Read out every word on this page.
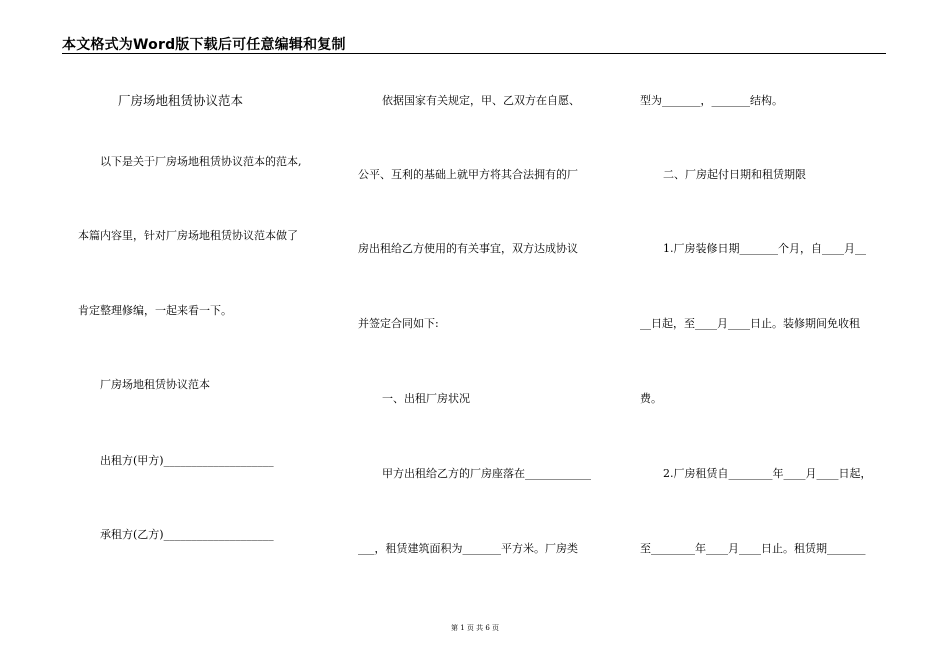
本文格式为Word版下载后可任意编辑和复制
厂房场地租赁协议范本
以下是关于厂房场地租赁协议范本的范本,
本篇内容里，针对厂房场地租赁协议范本做了
肯定整理修编，一起来看一下。
厂房场地租赁协议范本
出租方(甲方)____________________
承租方(乙方)____________________
依据国家有关规定，甲、乙双方在自愿、
公平、互利的基础上就甲方将其合法拥有的厂
房出租给乙方使用的有关事宜，双方达成协议
并签定合同如下:
一、出租厂房状况
甲方出租给乙方的厂房座落在____________
___，租赁建筑面积为_______平方米。厂房类
型为_______，_______结构。
二、厂房起付日期和租赁期限
1.厂房装修日期_______个月，自____月__
__日起，至____月____日止。装修期间免收租
费。
2.厂房租赁自________年____月____日起，
至________年____月____日止。租赁期_______
第 1 页 共 6 页
